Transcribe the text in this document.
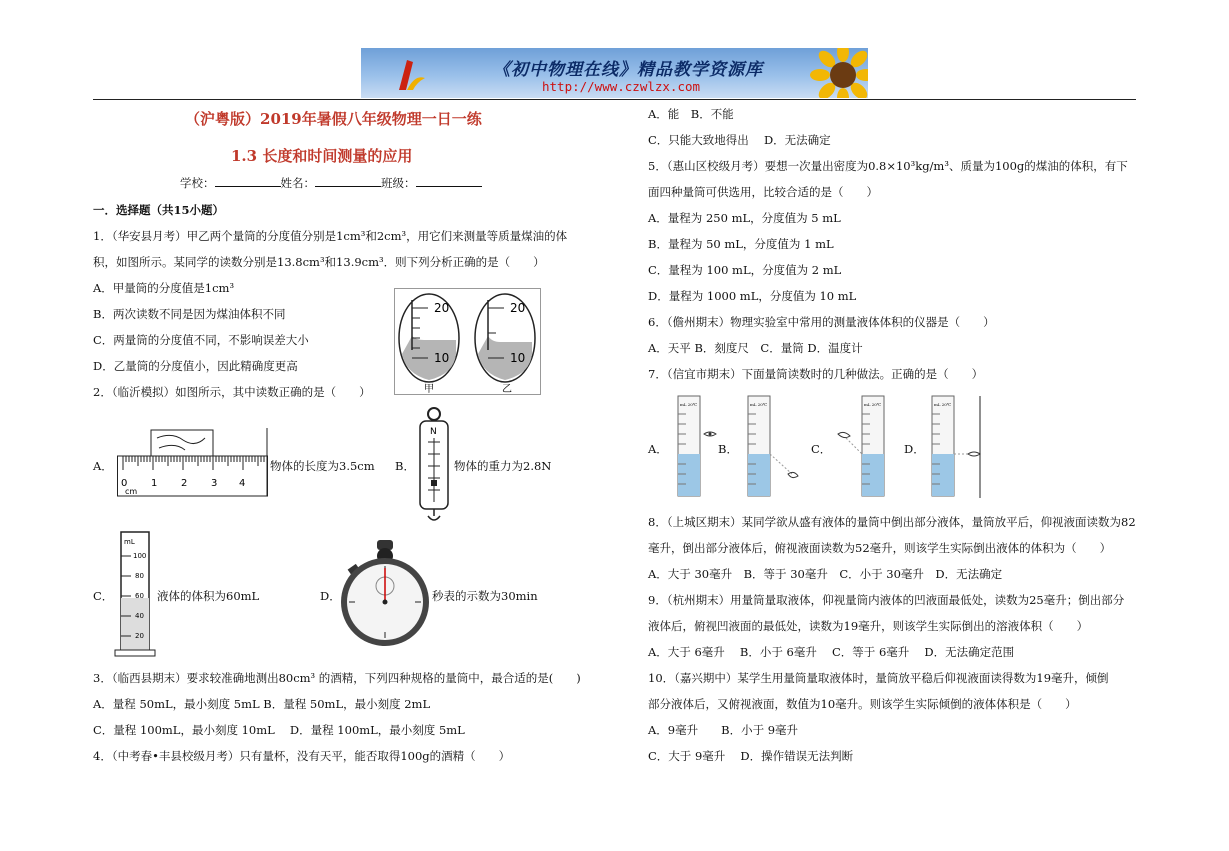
《初中物理在线》精品教学资源库
http://www.czwlzx.com
（沪粤版）2019年暑假八年级物理一日一练
1.3 长度和时间测量的应用
学校：	姓名：	班级：
一．选择题（共15小题）
1．（华安县月考）甲乙两个量筒的分度值分别是1cm³和2cm³，用它们来测量等质量煤油的体
积，如图所示。某同学的读数分别是13.8cm³和13.9cm³．则下列分析正确的是（　　）
A．甲量筒的分度值是1cm³
B．两次读数不同是因为煤油体积不同
C．两量筒的分度值不同，不影响误差大小
D．乙量筒的分度值小，因此精确度更高
20
10
甲
20
10
乙
2．（临沂模拟）如图所示，其中读数正确的是（　　）
A．
0 1 2 3 4
cm
物体的长度为3.5cm B．
N
物体的重力为2.8N
C．
mL
100
80
60
40
20
液体的体积为60mL	D．	秒表的示数为30min
3．（临西县期末）要求较准确地测出80cm³ 的酒精，下列四种规格的量筒中，最合适的是(　　)
A．量程 50mL，最小刻度 5mL B．量程 50mL，最小刻度 2mL
C．量程 100mL，最小刻度 10mL　 D．量程 100mL，最小刻度 5mL
4．（中考春•丰县校级月考）只有量杯，没有天平，能否取得100g的酒精（　　）
A．能　B．不能
C．只能大致地得出　 D．无法确定
5．（惠山区校级月考）要想一次量出密度为0.8×10³kg/m³、质量为100g的煤油的体积，有下
面四种量筒可供选用，比较合适的是（　　）
A．量程为 250 mL，分度值为 5 mL
B．量程为 50 mL，分度值为 1 mL
C．量程为 100 mL，分度值为 2 mL
D．量程为 1000 mL，分度值为 10 mL
6．（儋州期末）物理实验室中常用的测量液体体积的仪器是（　　）
A．天平 B．刻度尺　C．量筒 D．温度计
7．（信宜市期末）下面量筒读数时的几种做法。正确的是（　　）
A．
mL 20℃
B．
mL 20℃
C．
mL 20℃
D．
mL 20℃
8．（上城区期末）某同学欲从盛有液体的量筒中倒出部分液体，量筒放平后，仰视液面读数为82
毫升，倒出部分液体后，俯视液面读数为52毫升，则该学生实际倒出液体的体积为（　　）
A．大于 30毫升　B．等于 30毫升　C．小于 30毫升　D．无法确定
9．（杭州期末）用量筒量取液体，仰视量筒内液体的凹液面最低处，读数为25毫升；倒出部分
液体后，俯视凹液面的最低处，读数为19毫升，则该学生实际倒出的溶液体积（　　）
A．大于 6毫升　 B．小于 6毫升　 C．等于 6毫升　 D．无法确定范围
10．（嘉兴期中）某学生用量筒量取液体时，量筒放平稳后仰视液面读得数为19毫升，倾倒
部分液体后，又俯视液面，数值为10毫升。则该学生实际倾倒的液体体积是（　　）
A．9毫升　　B．小于 9毫升
C．大于 9毫升　 D．操作错误无法判断
